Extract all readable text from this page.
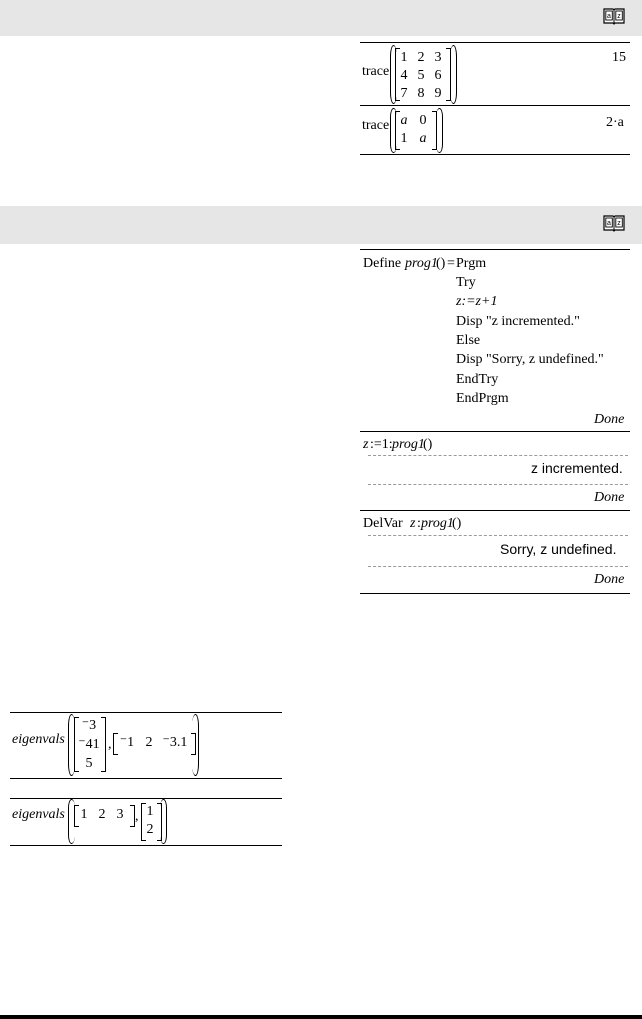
a z
trace
1 2 3
4 5 6
7 8 9
15
trace a 0
1 a
2·a
a z
Define prog1
() = Prgm
Try
z:=z+1
Disp "z incremented."
Else
Disp "Sorry, z undefined."
EndTry
EndPrgm
Done
z :=1: prog1
()
z incremented.
Done
DelVar z : prog1
()
Sorry, z undefined.
Done
eigenvals
⁻3
⁻41
5
, ⁻1 2 ⁻3.1
eigenvals 1 2 3 , 1
2
